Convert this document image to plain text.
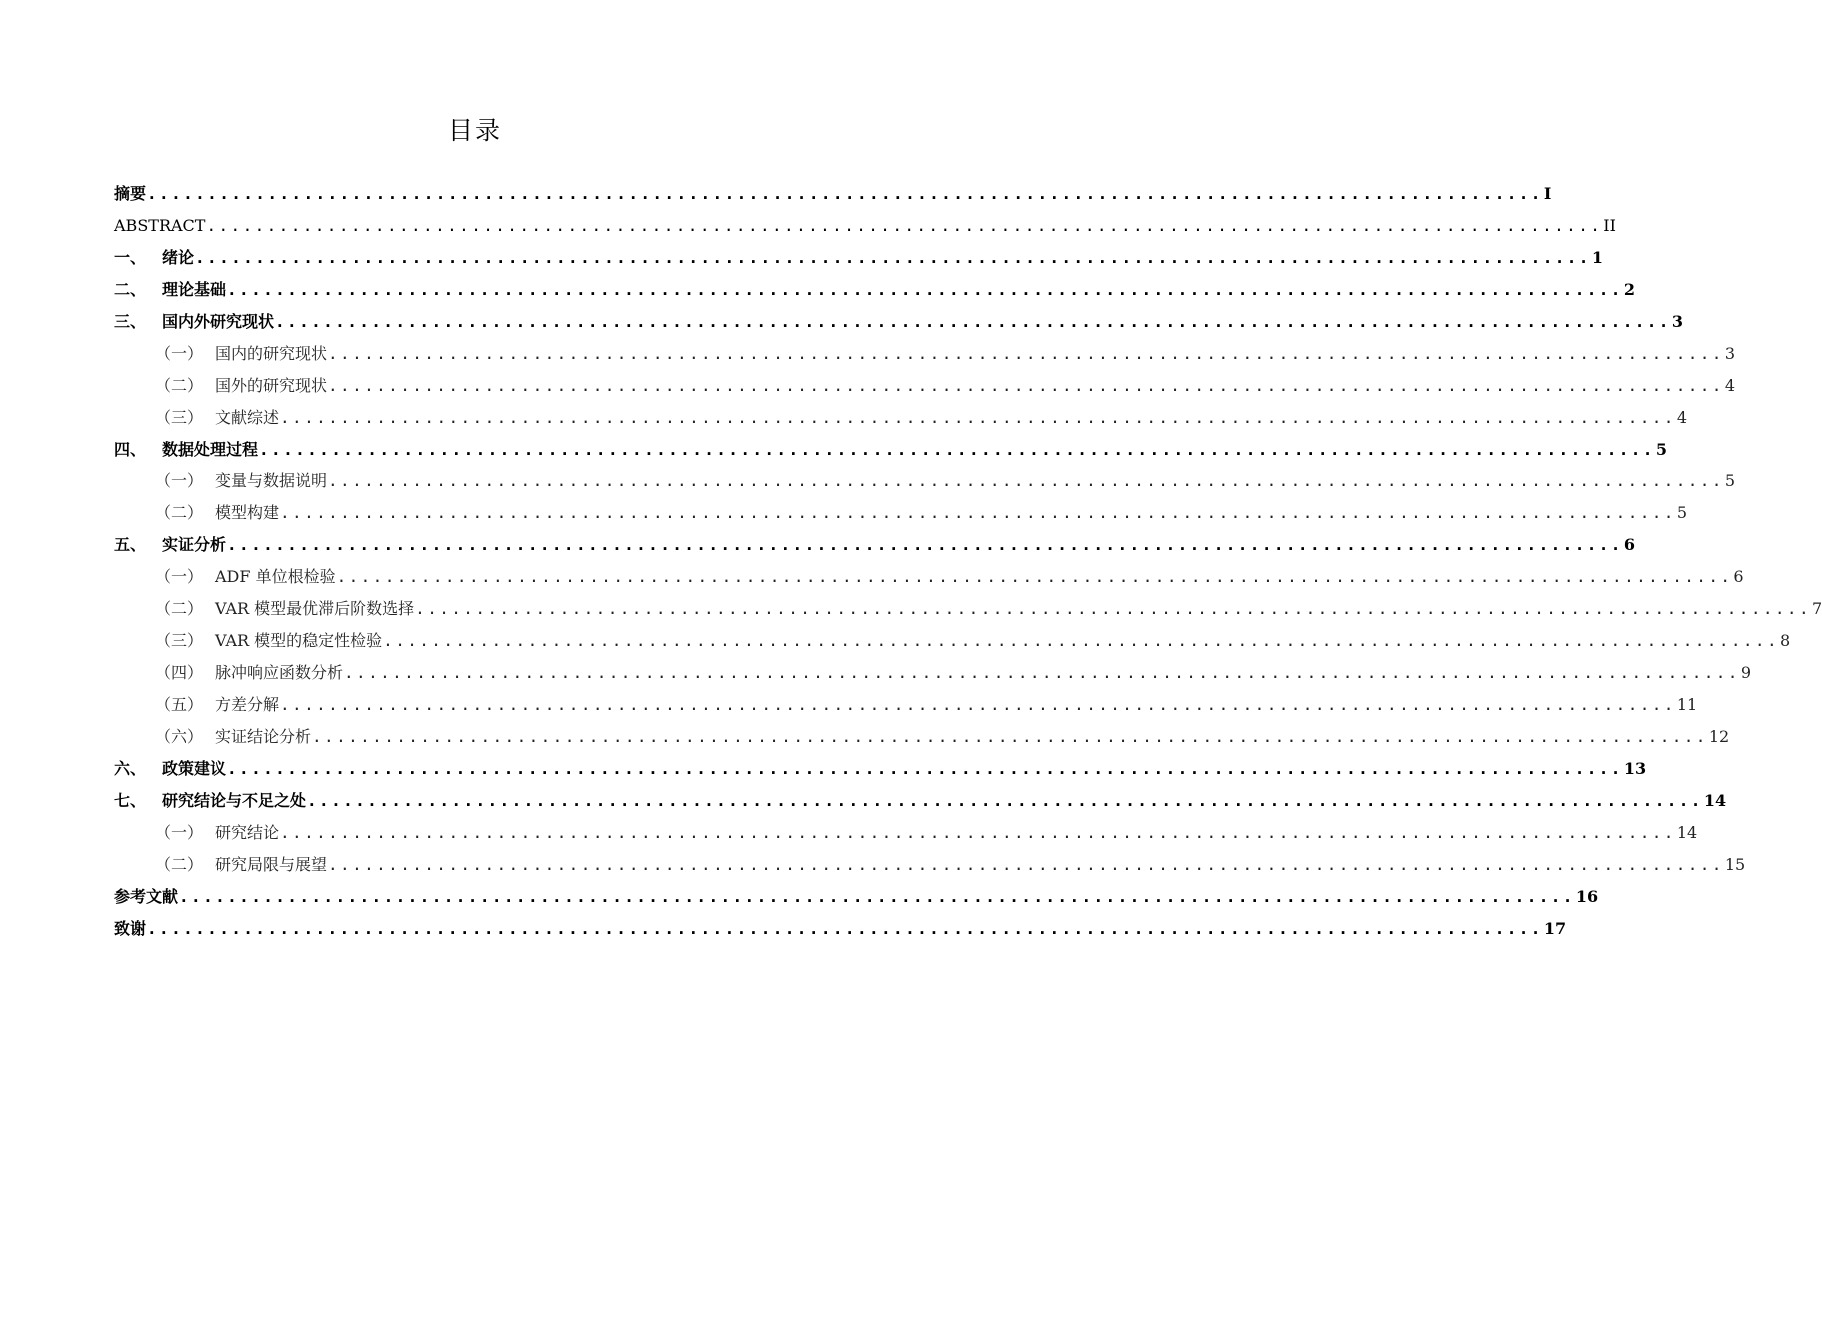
目录
摘要 .................................................................................................................... I
ABSTRACT .................................................................................................................... II
一、 绪论 .................................................................................................................... 1
二、 理论基础 .................................................................................................................... 2
三、 国内外研究现状 .................................................................................................................... 3
（一） 国内的研究现状 .................................................................................................................... 3
（二） 国外的研究现状 .................................................................................................................... 4
（三） 文献综述 .................................................................................................................... 4
四、 数据处理过程 .................................................................................................................... 5
（一） 变量与数据说明 .................................................................................................................... 5
（二） 模型构建 .................................................................................................................... 5
五、 实证分析 .................................................................................................................... 6
（一） ADF 单位根检验 .................................................................................................................... 6
（二） VAR 模型最优滞后阶数选择 .................................................................................................................... 7
（三） VAR 模型的稳定性检验 .................................................................................................................... 8
（四） 脉冲响应函数分析 .................................................................................................................... 9
（五） 方差分解 .................................................................................................................... 11
（六） 实证结论分析 .................................................................................................................... 12
六、 政策建议 .................................................................................................................... 13
七、 研究结论与不足之处 .................................................................................................................... 14
（一） 研究结论 .................................................................................................................... 14
（二） 研究局限与展望 .................................................................................................................... 15
参考文献 .................................................................................................................... 16
致谢 .................................................................................................................... 17
